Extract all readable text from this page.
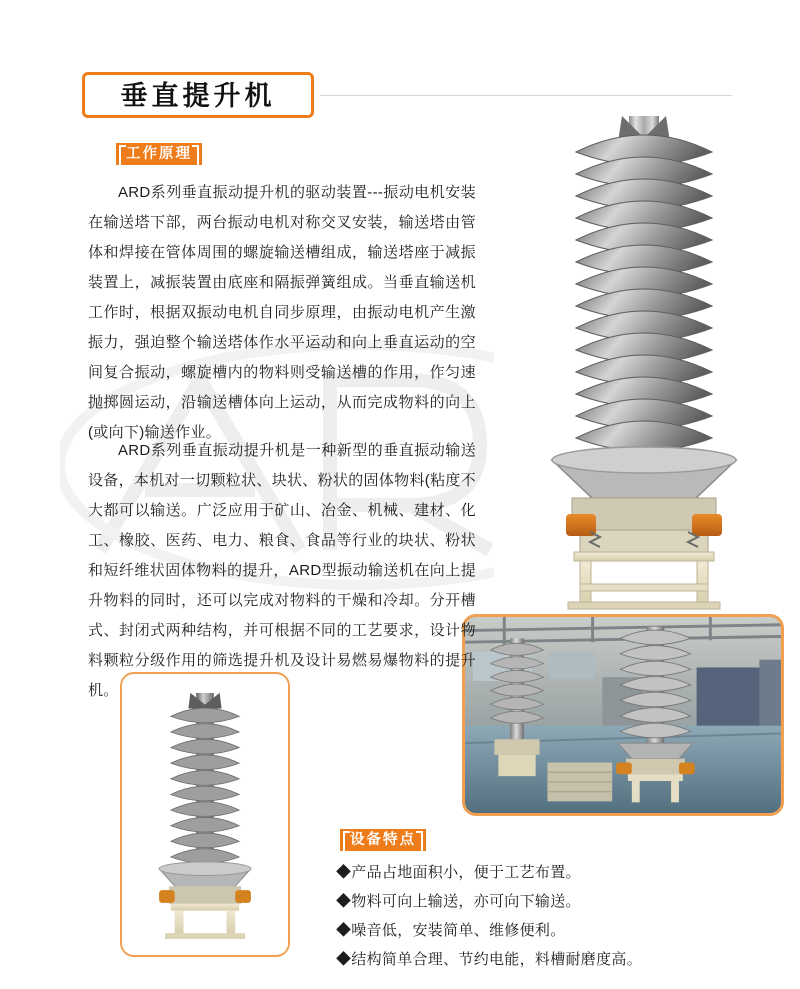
垂直提升机
工作原理
设备特点
ARD系列垂直振动提升机的驱动装置---振动电机安装在输送塔下部，两台振动电机对称交叉安装，输送塔由管体和焊接在管体周围的螺旋输送槽组成，输送塔座于减振装置上，减振装置由底座和隔振弹簧组成。当垂直输送机工作时，根据双振动电机自同步原理，由振动电机产生激振力，强迫整个输送塔体作水平运动和向上垂直运动的空间复合振动，螺旋槽内的物料则受输送槽的作用，作匀速抛掷圆运动，沿输送槽体向上运动，从而完成物料的向上(或向下)输送作业。
ARD系列垂直振动提升机是一种新型的垂直振动输送设备，本机对一切颗粒状、块状、粉状的固体物料(粘度不大都可以输送。广泛应用于矿山、冶金、机械、建材、化工、橡胶、医药、电力、粮食、食品等行业的块状、粉状和短纤维状固体物料的提升，ARD型振动输送机在向上提升物料的同时，还可以完成对物料的干燥和冷却。分开槽式、封闭式两种结构，并可根据不同的工艺要求，设计物料颗粒分级作用的筛选提升机及设计易燃易爆物料的提升机。
◆产品占地面积小，便于工艺布置。
◆物料可向上输送，亦可向下输送。
◆噪音低，安装简单、维修便利。
◆结构简单合理、节约电能，料槽耐磨度高。
